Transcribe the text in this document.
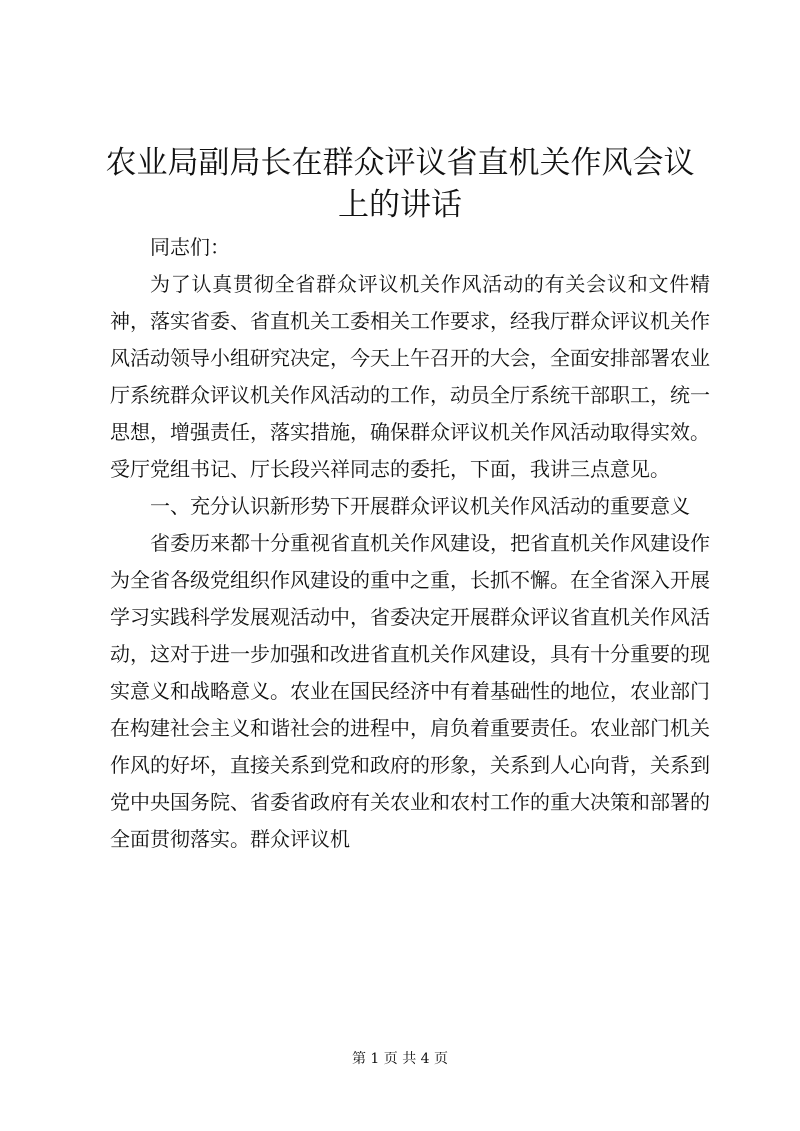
农业局副局长在群众评议省直机关作风会议上的讲话

同志们：

为了认真贯彻全省群众评议机关作风活动的有关会议和文件精神，落实省委、省直机关工委相关工作要求，经我厅群众评议机关作风活动领导小组研究决定，今天上午召开的大会，全面安排部署农业厅系统群众评议机关作风活动的工作，动员全厅系统干部职工，统一思想，增强责任，落实措施，确保群众评议机关作风活动取得实效。受厅党组书记、厅长段兴祥同志的委托，下面，我讲三点意见。

一、充分认识新形势下开展群众评议机关作风活动的重要意义

省委历来都十分重视省直机关作风建设，把省直机关作风建设作为全省各级党组织作风建设的重中之重，长抓不懈。在全省深入开展学习实践科学发展观活动中，省委决定开展群众评议省直机关作风活动，这对于进一步加强和改进省直机关作风建设，具有十分重要的现实意义和战略意义。农业在国民经济中有着基础性的地位，农业部门在构建社会主义和谐社会的进程中，肩负着重要责任。农业部门机关作风的好坏，直接关系到党和政府的形象，关系到人心向背，关系到党中央国务院、省委省政府有关农业和农村工作的重大决策和部署的全面贯彻落实。群众评议机

第 1 页 共 4 页
